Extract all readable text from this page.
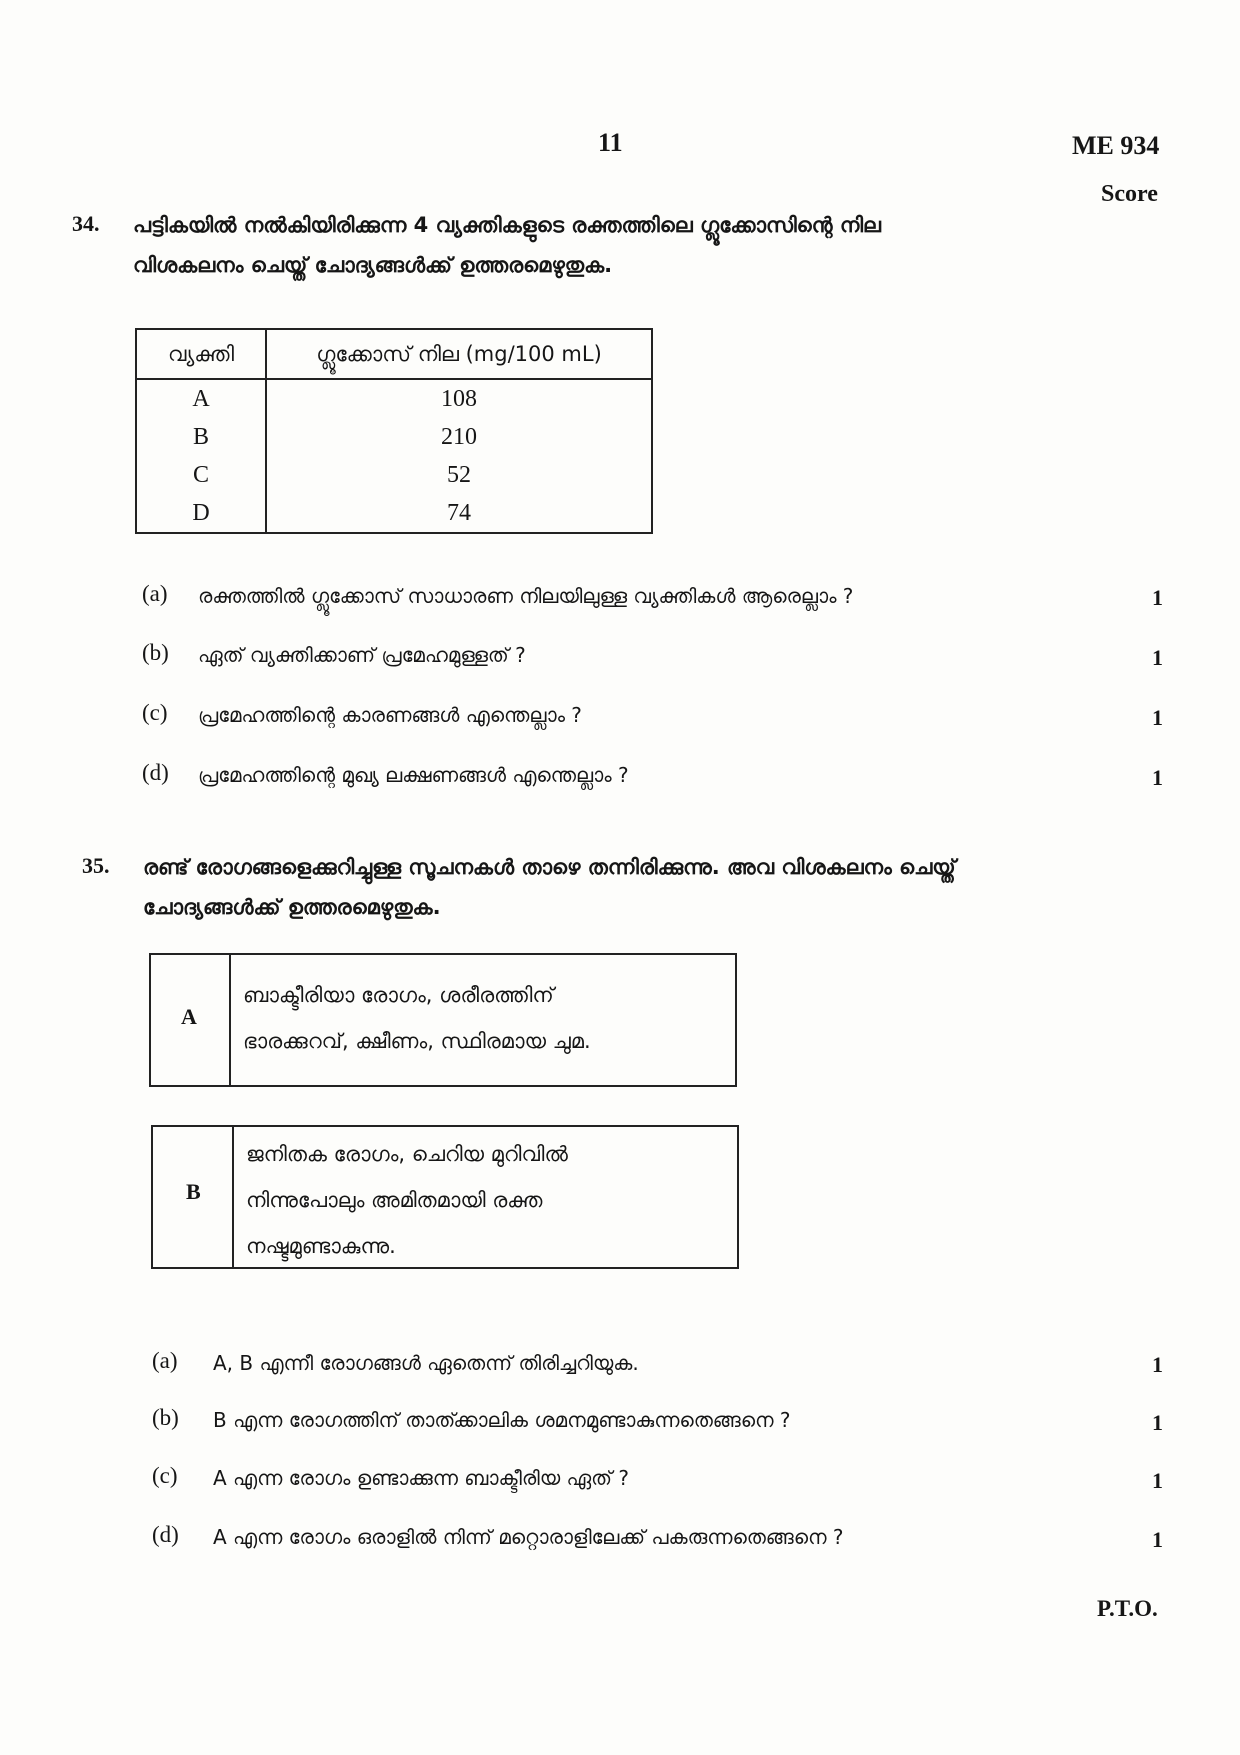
11	ME 934
Score
34. പട്ടികയിൽ നൽകിയിരിക്കുന്ന 4 വ്യക്തികളുടെ രക്തത്തിലെ ഗ്ലൂക്കോസിന്റെ നില
വിശകലനം ചെയ്ത് ചോദ്യങ്ങൾക്ക് ഉത്തരമെഴുതുക.
വ്യക്തി	ഗ്ലൂക്കോസ് നില (mg/100 mL)
A	108
B	210
C	52
D	74
(a) രക്തത്തിൽ ഗ്ലൂക്കോസ് സാധാരണ നിലയിലുള്ള വ്യക്തികൾ ആരെല്ലാം ?	1
(b) ഏത് വ്യക്തിക്കാണ് പ്രമേഹമുള്ളത് ?	1
(c) പ്രമേഹത്തിന്റെ കാരണങ്ങൾ എന്തെല്ലാം ?	1
(d) പ്രമേഹത്തിന്റെ മുഖ്യ ലക്ഷണങ്ങൾ എന്തെല്ലാം ?	1
35. രണ്ട് രോഗങ്ങളെക്കുറിച്ചുള്ള സൂചനകൾ താഴെ തന്നിരിക്കുന്നു. അവ വിശകലനം ചെയ്ത്
ചോദ്യങ്ങൾക്ക് ഉത്തരമെഴുതുക.
A
ബാക്ടീരിയാ രോഗം, ശരീരത്തിന്
ഭാരക്കുറവ്, ക്ഷീണം, സ്ഥിരമായ ചുമ.
B
ജനിതക രോഗം, ചെറിയ മുറിവിൽ
നിന്നുപോലും അമിതമായി രക്ത
നഷ്ടമുണ്ടാകുന്നു.
(a) A, B എന്നീ രോഗങ്ങൾ ഏതെന്ന് തിരിച്ചറിയുക.	1
(b) B എന്ന രോഗത്തിന് താത്ക്കാലിക ശമനമുണ്ടാകുന്നതെങ്ങനെ ?	1
(c) A എന്ന രോഗം ഉണ്ടാക്കുന്ന ബാക്ടീരിയ ഏത് ?	1
(d) A എന്ന രോഗം ഒരാളിൽ നിന്ന് മറ്റൊരാളിലേക്ക് പകരുന്നതെങ്ങനെ ?	1
P.T.O.
